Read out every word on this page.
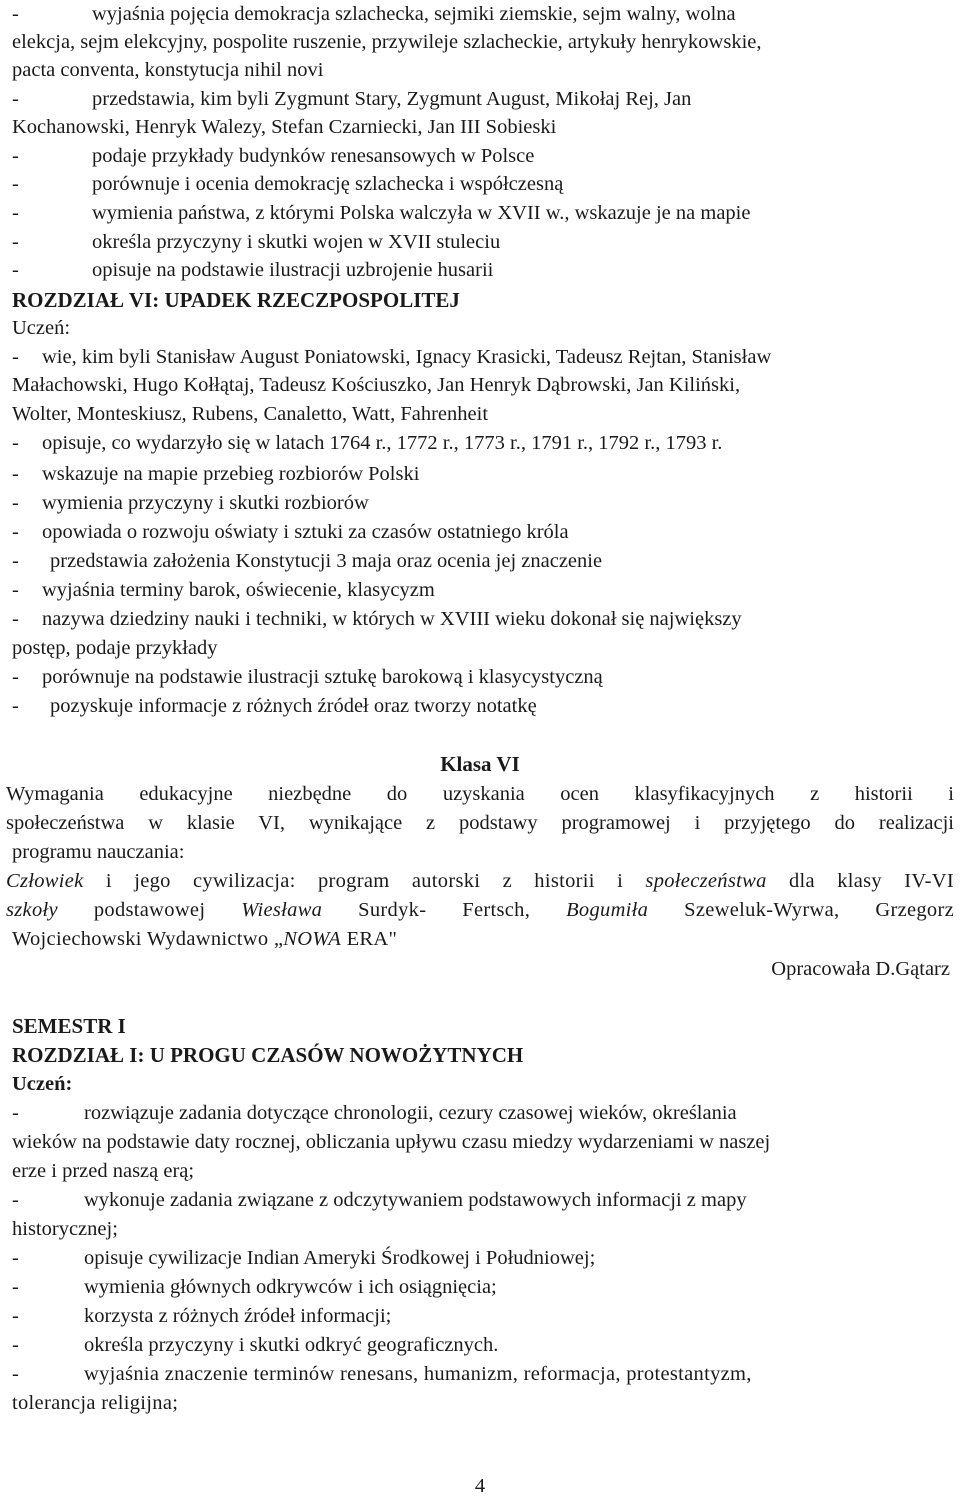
-	wyjaśnia pojęcia demokracja szlachecka, sejmiki ziemskie, sejm walny, wolna
elekcja, sejm elekcyjny, pospolite ruszenie, przywileje szlacheckie, artykuły henrykowskie,
pacta conventa, konstytucja nihil novi
-	przedstawia, kim byli Zygmunt Stary, Zygmunt August, Mikołaj Rej, Jan
Kochanowski, Henryk Walezy, Stefan Czarniecki, Jan III Sobieski
-	podaje przykłady budynków renesansowych w Polsce
-	porównuje i ocenia demokrację szlachecka i współczesną
-	wymienia państwa, z którymi Polska walczyła w XVII w., wskazuje je na mapie
-	określa przyczyny i skutki wojen w XVII stuleciu
-	opisuje na podstawie ilustracji uzbrojenie husarii
ROZDZIAŁ VI: UPADEK RZECZPOSPOLITEJ
Uczeń:
- wie, kim byli Stanisław August Poniatowski, Ignacy Krasicki, Tadeusz Rejtan, Stanisław
Małachowski, Hugo Kołłątaj, Tadeusz Kościuszko, Jan Henryk Dąbrowski, Jan Kiliński,
Wolter, Monteskiusz, Rubens, Canaletto, Watt, Fahrenheit
- opisuje, co wydarzyło się w latach 1764 r., 1772 r., 1773 r., 1791 r., 1792 r., 1793 r.
- wskazuje na mapie przebieg rozbiorów Polski
- wymienia przyczyny i skutki rozbiorów
- opowiada o rozwoju oświaty i sztuki za czasów ostatniego króla
- przedstawia założenia Konstytucji 3 maja oraz ocenia jej znaczenie
- wyjaśnia terminy barok, oświecenie, klasycyzm
- nazywa dziedziny nauki i techniki, w których w XVIII wieku dokonał się największy
postęp, podaje przykłady
- porównuje na podstawie ilustracji sztukę barokową i klasycystyczną
- pozyskuje informacje z różnych źródeł oraz tworzy notatkę
Klasa VI
Wymagania edukacyjne niezbędne do uzyskania ocen klasyfikacyjnych z historii i
społeczeństwa w klasie VI, wynikające z podstawy programowej i przyjętego do realizacji
programu nauczania:
Człowiek i jego cywilizacja: program autorski z historii i społeczeństwa dla klasy IV-VI
szkoły podstawowej Wiesława Surdyk- Fertsch, Bogumiła Szeweluk-Wyrwa, Grzegorz
Wojciechowski Wydawnictwo „NOWA ERA"
Opracowała D.Gątarz
SEMESTR I
ROZDZIAŁ I: U PROGU CZASÓW NOWOŻYTNYCH
Uczeń:
-	rozwiązuje zadania dotyczące chronologii, cezury czasowej wieków, określania
wieków na podstawie daty rocznej, obliczania upływu czasu miedzy wydarzeniami w naszej
erze i przed naszą erą;
-	wykonuje zadania związane z odczytywaniem podstawowych informacji z mapy
historycznej;
-	opisuje cywilizacje Indian Ameryki Środkowej i Południowej;
-	wymienia głównych odkrywców i ich osiągnięcia;
-	korzysta z różnych źródeł informacji;
-	określa przyczyny i skutki odkryć geograficznych.
-	wyjaśnia znaczenie terminów renesans, humanizm, reformacja, protestantyzm,
tolerancja religijna;
4
